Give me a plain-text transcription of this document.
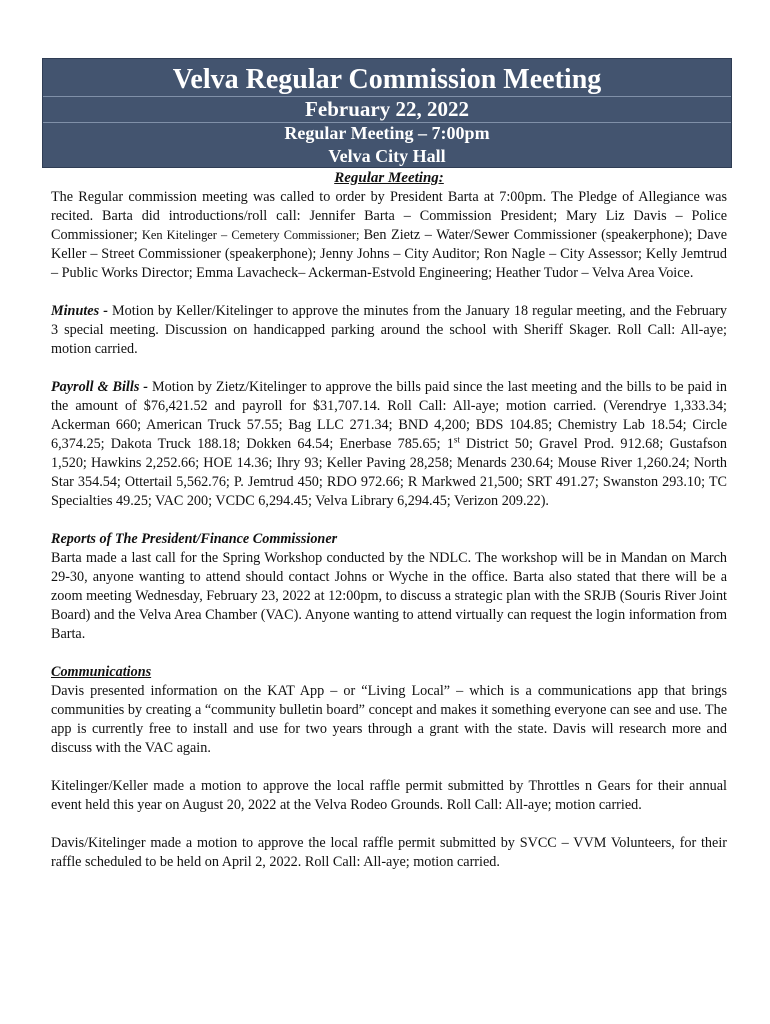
Velva Regular Commission Meeting
February 22, 2022
Regular Meeting – 7:00pm
Velva City Hall

Regular Meeting:

The Regular commission meeting was called to order by President Barta at 7:00pm. The Pledge of Allegiance was recited. Barta did introductions/roll call: Jennifer Barta – Commission President; Mary Liz Davis – Police Commissioner; Ken Kitelinger – Cemetery Commissioner; Ben Zietz – Water/Sewer Commissioner (speakerphone); Dave Keller – Street Commissioner (speakerphone); Jenny Johns – City Auditor; Ron Nagle – City Assessor; Kelly Jemtrud – Public Works Director; Emma Lavacheck– Ackerman-Estvold Engineering; Heather Tudor – Velva Area Voice.

Minutes - Motion by Keller/Kitelinger to approve the minutes from the January 18 regular meeting, and the February 3 special meeting. Discussion on handicapped parking around the school with Sheriff Skager. Roll Call: All-aye; motion carried.

Payroll & Bills - Motion by Zietz/Kitelinger to approve the bills paid since the last meeting and the bills to be paid in the amount of $76,421.52 and payroll for $31,707.14. Roll Call: All-aye; motion carried. (Verendrye 1,333.34; Ackerman 660; American Truck 57.55; Bag LLC 271.34; BND 4,200; BDS 104.85; Chemistry Lab 18.54; Circle 6,374.25; Dakota Truck 188.18; Dokken 64.54; Enerbase 785.65; 1st District 50; Gravel Prod. 912.68; Gustafson 1,520; Hawkins 2,252.66; HOE 14.36; Ihry 93; Keller Paving 28,258; Menards 230.64; Mouse River 1,260.24; North Star 354.54; Ottertail 5,562.76; P. Jemtrud 450; RDO 972.66; R Markwed 21,500; SRT 491.27; Swanston 293.10; TC Specialties 49.25; VAC 200; VCDC 6,294.45; Velva Library 6,294.45; Verizon 209.22).

Reports of The President/Finance Commissioner

Barta made a last call for the Spring Workshop conducted by the NDLC. The workshop will be in Mandan on March 29-30, anyone wanting to attend should contact Johns or Wyche in the office. Barta also stated that there will be a zoom meeting Wednesday, February 23, 2022 at 12:00pm, to discuss a strategic plan with the SRJB (Souris River Joint Board) and the Velva Area Chamber (VAC). Anyone wanting to attend virtually can request the login information from Barta.

Communications

Davis presented information on the KAT App – or “Living Local” – which is a communications app that brings communities by creating a “community bulletin board” concept and makes it something everyone can see and use. The app is currently free to install and use for two years through a grant with the state. Davis will research more and discuss with the VAC again.

Kitelinger/Keller made a motion to approve the local raffle permit submitted by Throttles n Gears for their annual event held this year on August 20, 2022 at the Velva Rodeo Grounds. Roll Call: All-aye; motion carried.

Davis/Kitelinger made a motion to approve the local raffle permit submitted by SVCC – VVM Volunteers, for their raffle scheduled to be held on April 2, 2022. Roll Call: All-aye; motion carried.
